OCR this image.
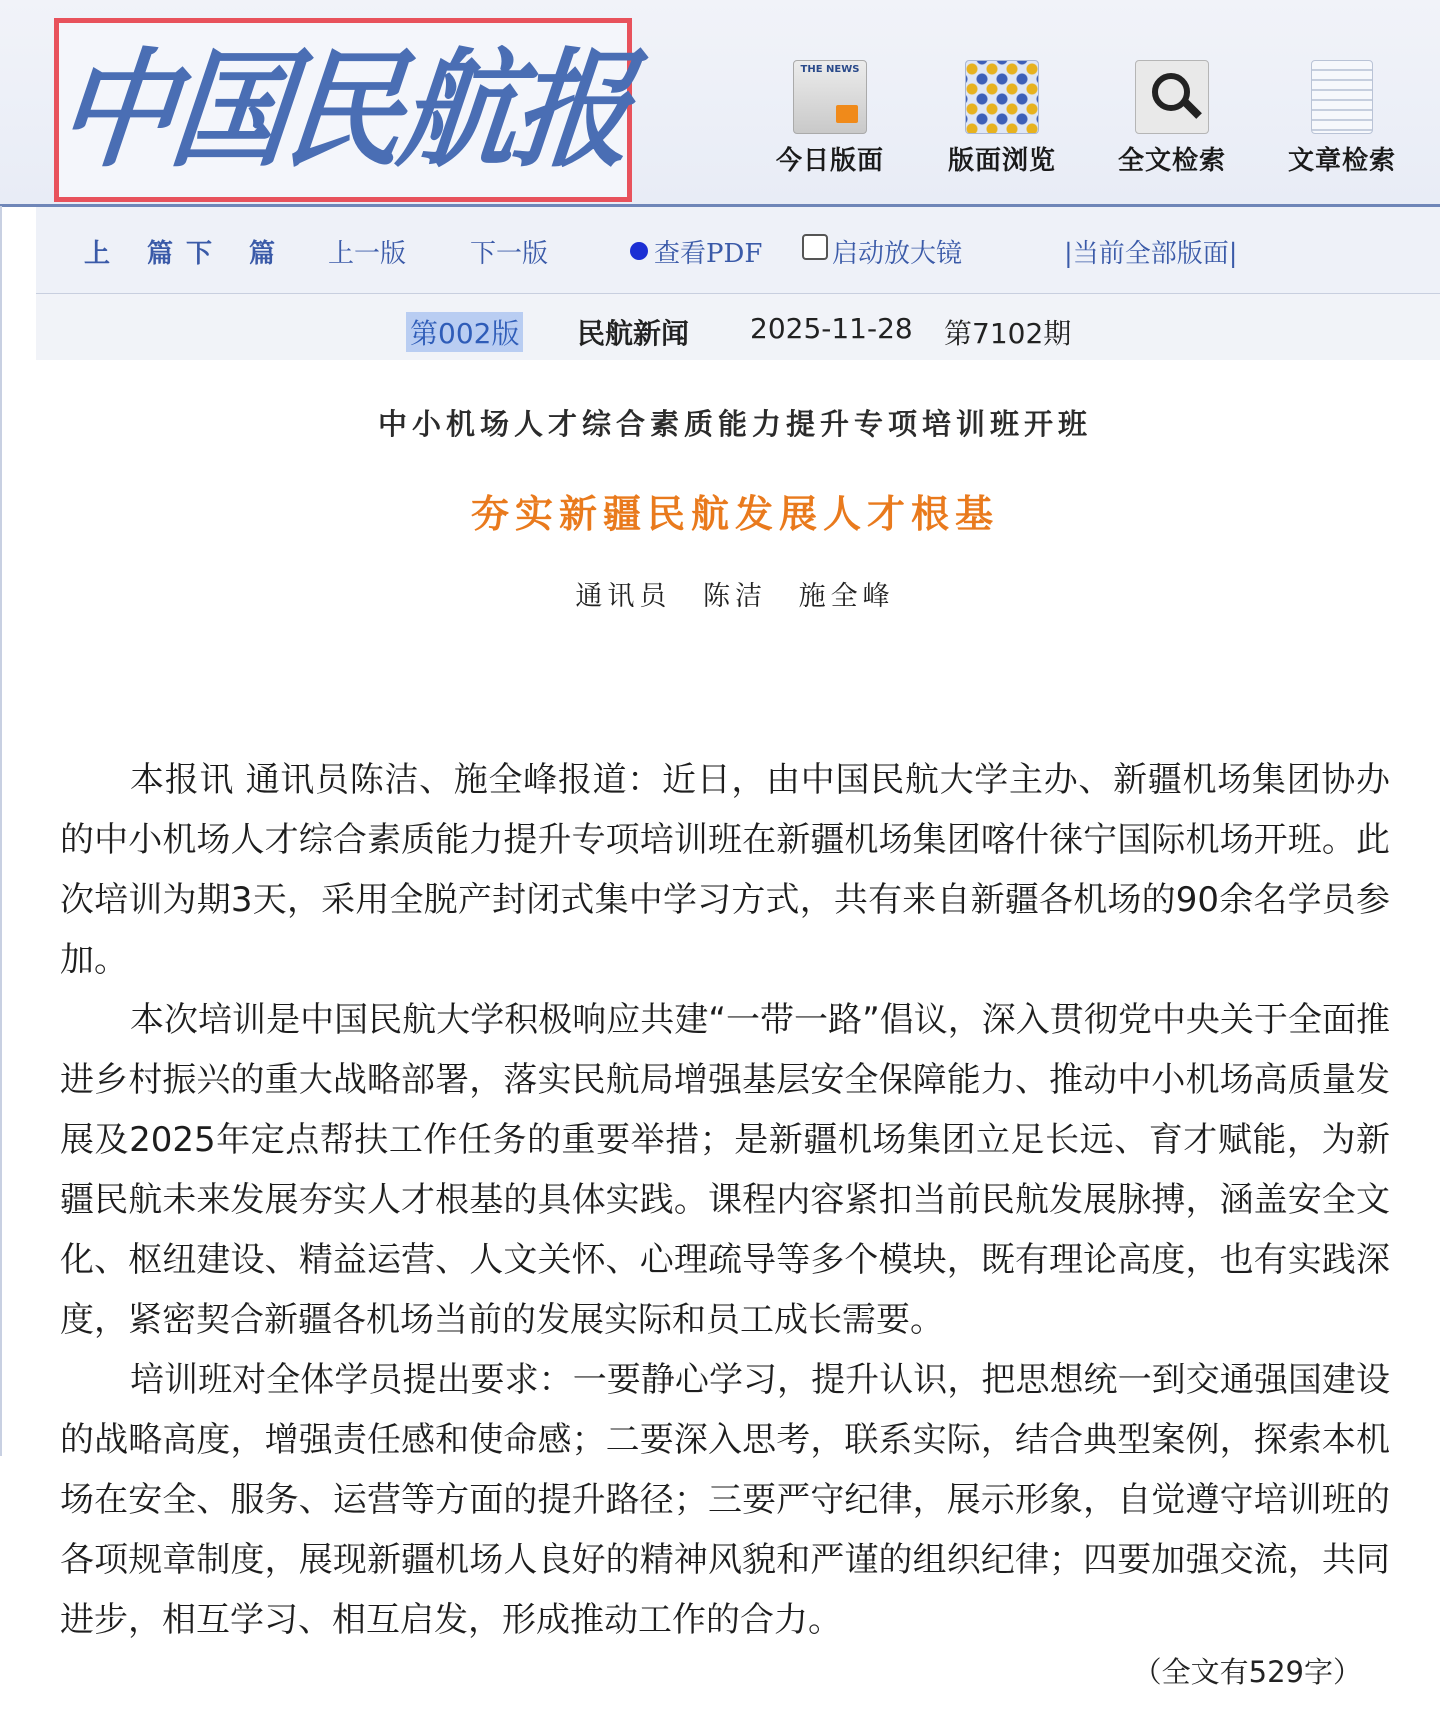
中国民航报
THE NEWS	今日版面	版面浏览	全文检索	文章检索
上 篇
下 篇 上一版 下一版	查看PDF	启动放大镜	|当前全部版面|
第002版 民航新闻 2025-11-28 第7102期
中小机场人才综合素质能力提升专项培训班开班
夯实新疆民航发展人才根基
通讯员 陈洁 施全峰

本报讯 通讯员陈洁、施全峰报道：近日，由中国民航大学主办、新疆机场集团协办的中小机场人才综合素质能力提升专项培训班在新疆机场集团喀什徕宁国际机场开班。此次培训为期3天，采用全脱产封闭式集中学习方式，共有来自新疆各机场的90余名学员参加。

本次培训是中国民航大学积极响应共建“一带一路”倡议，深入贯彻党中央关于全面推进乡村振兴的重大战略部署，落实民航局增强基层安全保障能力、推动中小机场高质量发展及2025年定点帮扶工作任务的重要举措；是新疆机场集团立足长远、育才赋能，为新疆民航未来发展夯实人才根基的具体实践。课程内容紧扣当前民航发展脉搏，涵盖安全文化、枢纽建设、精益运营、人文关怀、心理疏导等多个模块，既有理论高度，也有实践深度，紧密契合新疆各机场当前的发展实际和员工成长需要。

培训班对全体学员提出要求：一要静心学习，提升认识，把思想统一到交通强国建设的战略高度，增强责任感和使命感；二要深入思考，联系实际，结合典型案例，探索本机场在安全、服务、运营等方面的提升路径；三要严守纪律，展示形象，自觉遵守培训班的各项规章制度，展现新疆机场人良好的精神风貌和严谨的组织纪律；四要加强交流，共同进步，相互学习、相互启发，形成推动工作的合力。

（全文有529字）
